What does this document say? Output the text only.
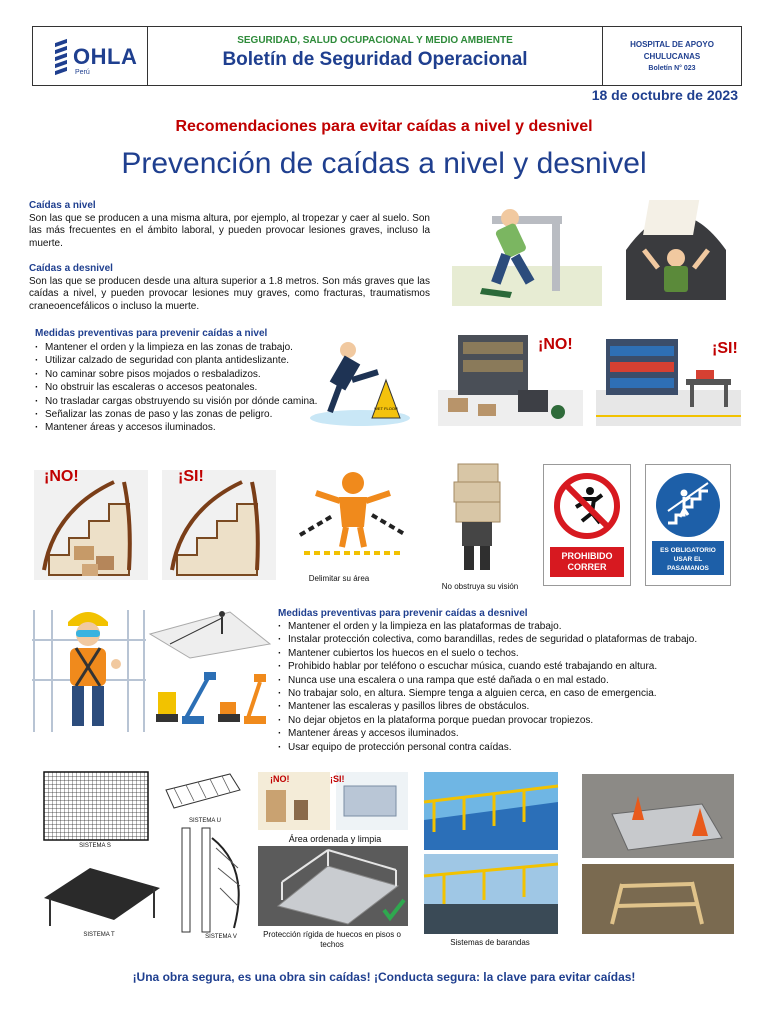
OHLA
Perú
SEGURIDAD, SALUD OCUPACIONAL Y MEDIO AMBIENTE
Boletín de Seguridad Operacional
HOSPITAL DE APOYO
CHULUCANAS
Boletín N° 023
18 de octubre de 2023
Recomendaciones para evitar caídas a nivel y desnivel
Prevención de caídas a nivel y desnivel
Caídas a nivel
Son las que se producen a una misma altura, por ejemplo, al tropezar y caer al suelo. Son las más frecuentes en el ámbito laboral, y pueden provocar lesiones graves, incluso la muerte.
Caídas a desnivel
Son las que se producen desde una altura superior a 1.8 metros. Son más graves que las caídas a nivel, y pueden provocar lesiones muy graves, como fracturas, traumatismos craneoencefálicos o incluso la muerte.
Medidas preventivas para prevenir caídas a nivel
· Mantener el orden y la limpieza en las zonas de trabajo.
· Utilizar calzado de seguridad con planta antideslizante.
· No caminar sobre pisos mojados o resbaladizos.
· No obstruir las escaleras o accesos peatonales.
· No trasladar cargas obstruyendo su visión por dónde camina.
· Señalizar las zonas de paso y las zonas de peligro.
· Mantener áreas y accesos iluminados.
WET FLOOR
¡NO!	¡SI!
¡NO!	¡SI!
Delimitar su área
No obstruya su visión
PROHIBIDO
CORRER
ES OBLIGATORIO
USAR EL
PASAMANOS
Medidas preventivas para prevenir caídas a desnivel
· Mantener el orden y la limpieza en las plataformas de trabajo.
· Instalar protección colectiva, como barandillas, redes de seguridad o plataformas de trabajo.
· Mantener cubiertos los huecos en el suelo o techos.
· Prohibido hablar por teléfono o escuchar música, cuando esté trabajando en altura.
· Nunca use una escalera o una rampa que esté dañada o en mal estado.
· No trabajar solo, en altura. Siempre tenga a alguien cerca, en caso de emergencia.
· Mantener las escaleras y pasillos libres de obstáculos.
· No dejar objetos en la plataforma porque puedan provocar tropiezos.
· Mantener áreas y accesos iluminados.
· Usar equipo de protección personal contra caídas.
SISTEMA S
SISTEMA U
SISTEMA T	SISTEMA V
¡NO!	¡SI!
Área ordenada y limpia
Protección rígida de huecos en pisos o techos	Sistemas de barandas
¡Una obra segura, es una obra sin caídas! ¡Conducta segura: la clave para evitar caídas!
